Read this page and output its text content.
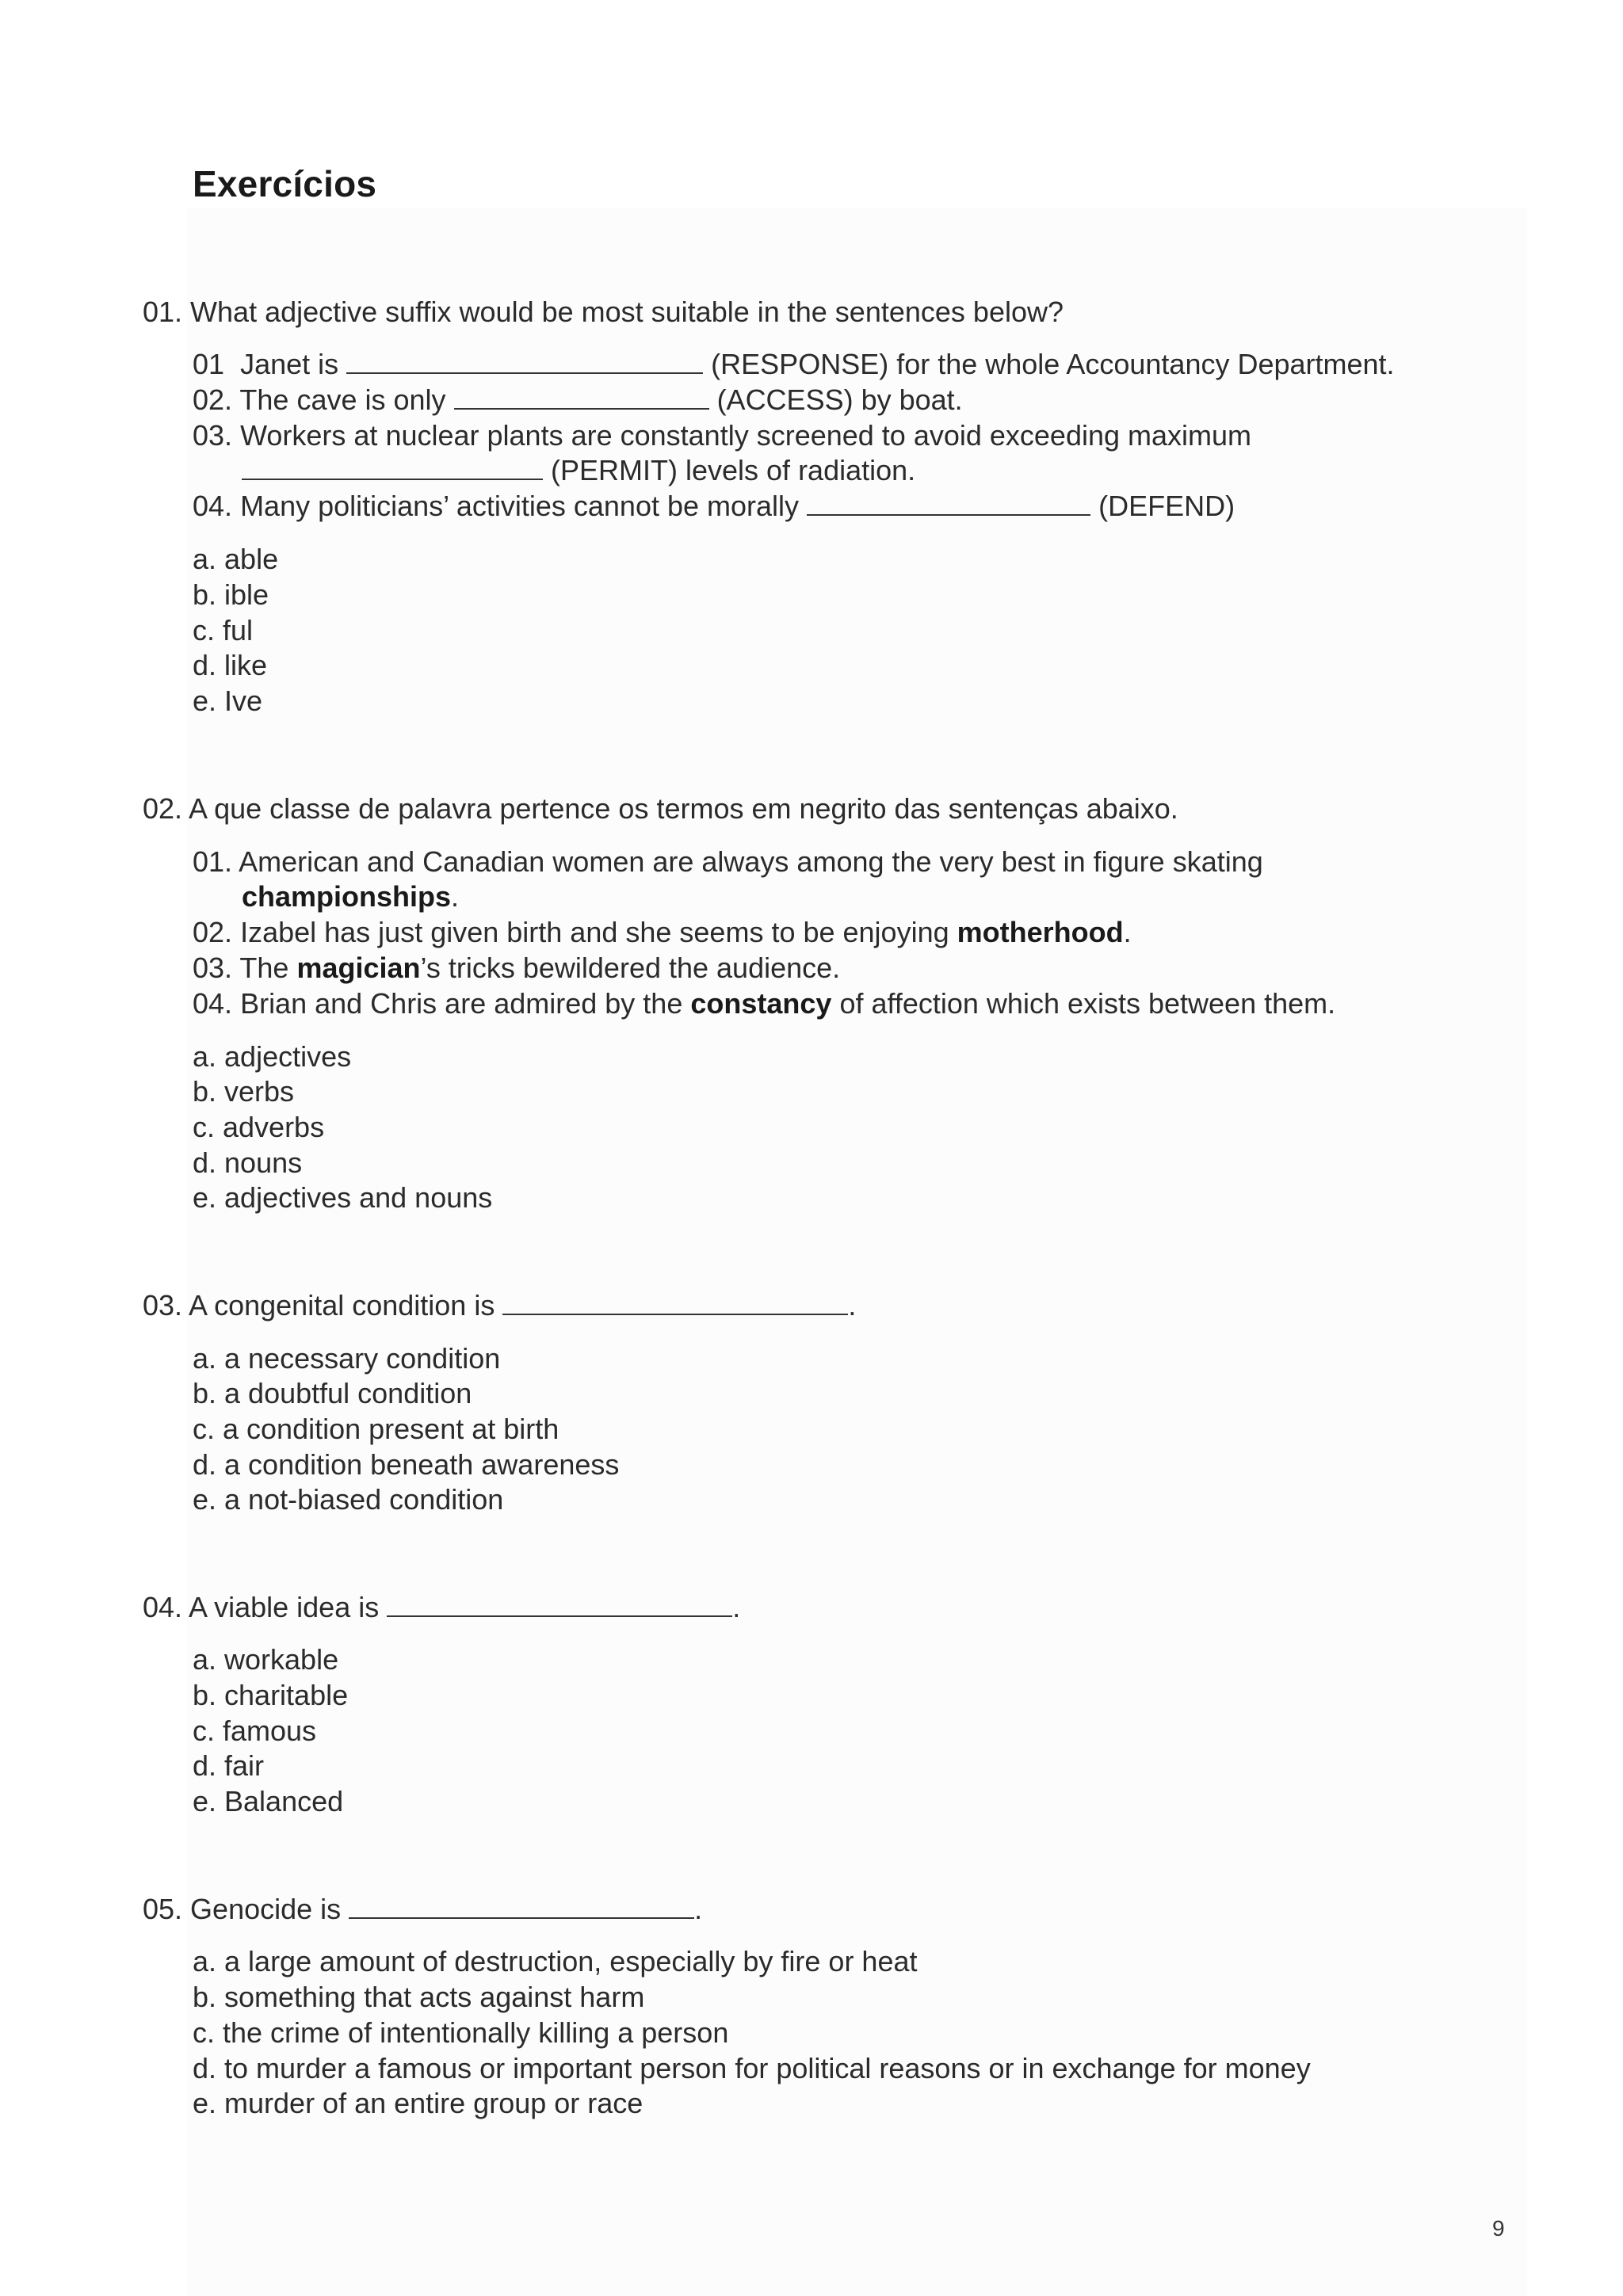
Exercícios
01. What adjective suffix would be most suitable in the sentences below?
01 Janet is	(RESPONSE) for the whole Accountancy Department.
02. The cave is only	(ACCESS) by boat.
03. Workers at nuclear plants are constantly screened to avoid exceeding maximum
(PERMIT) levels of radiation.
04. Many politicians’ activities cannot be morally	(DEFEND)
a. able
b. ible
c. ful
d. like
e. Ive
02. A que classe de palavra pertence os termos em negrito das sentenças abaixo.
01. American and Canadian women are always among the very best in figure skating
championships.
02. Izabel has just given birth and she seems to be enjoying motherhood.
03. The magician’s tricks bewildered the audience.
04. Brian and Chris are admired by the constancy of affection which exists between them.
a. adjectives
b. verbs
c. adverbs
d. nouns
e. adjectives and nouns
03. A congenital condition is	.
a. a necessary condition
b. a doubtful condition
c. a condition present at birth
d. a condition beneath awareness
e. a not-biased condition
04. A viable idea is	.
a. workable
b. charitable
c. famous
d. fair
e. Balanced
05. Genocide is	.
a. a large amount of destruction, especially by fire or heat
b. something that acts against harm
c. the crime of intentionally killing a person
d. to murder a famous or important person for political reasons or in exchange for money
e. murder of an entire group or race
9
